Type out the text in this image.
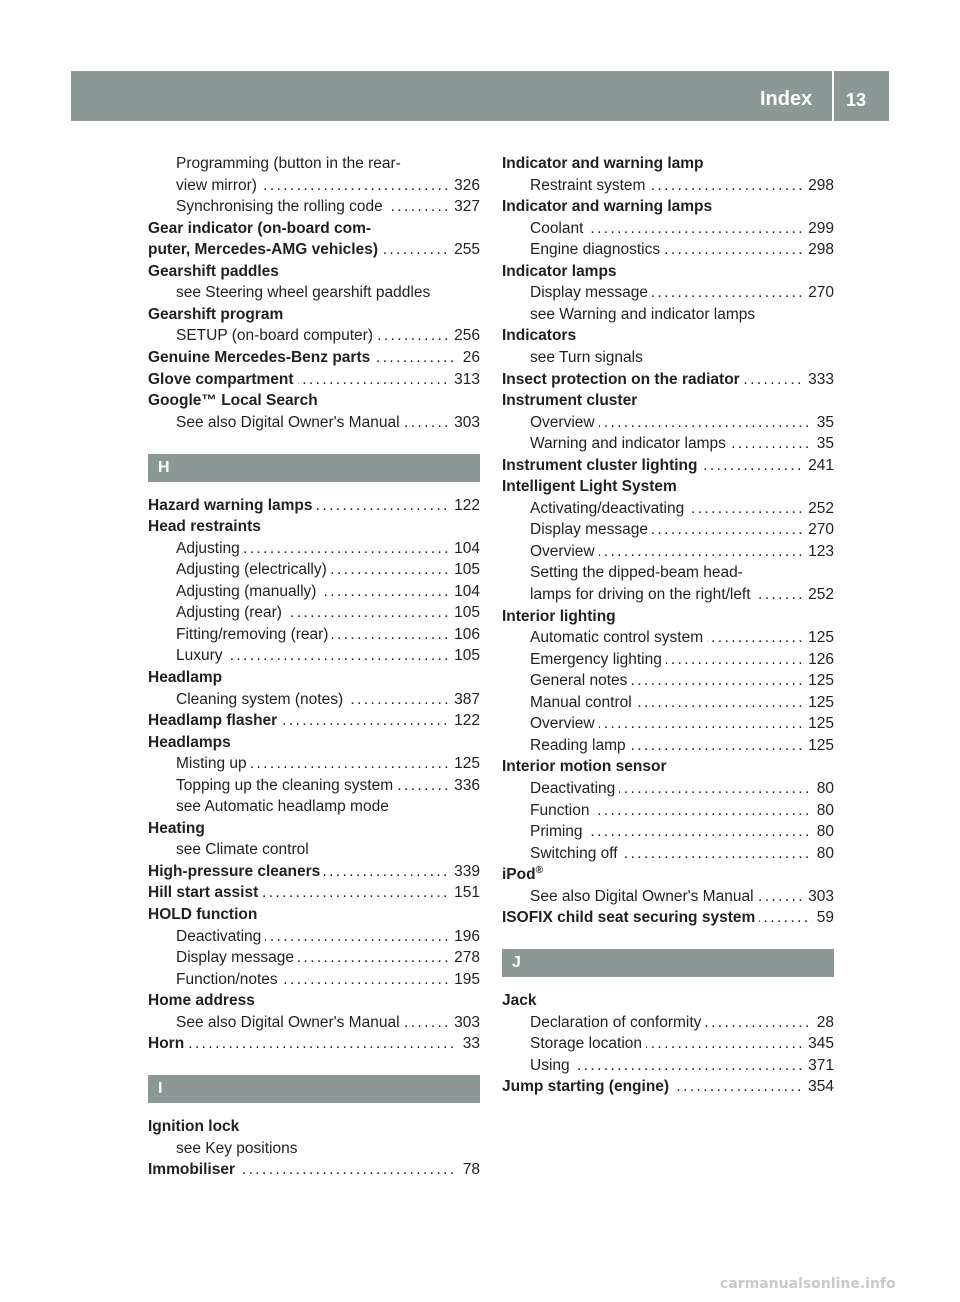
Index	13
Programming (button in the rear-
.....
view mirror)	326
.....
Synchronising the rolling code	327
Gear indicator (on-board com-
.....
puter, Mercedes-AMG vehicles)	255
Gearshift paddles
see Steering wheel gearshift paddles
Gearshift program
.....
SETUP (on-board computer)	256
.....
Genuine Mercedes-Benz parts	26
.....
Glove compartment	313
Google™ Local Search
.....
See also Digital Owner's Manual	303
H
.....
Hazard warning lamps	122
Head restraints
.....
Adjusting	104
.....
Adjusting (electrically)	105
.....
Adjusting (manually)	104
.....
Adjusting (rear)	105
.....
Fitting/removing (rear)	106
.....
Luxury	105
Headlamp
.....
Cleaning system (notes)	387
.....
Headlamp flasher	122
Headlamps
.....
Misting up	125
.....
Topping up the cleaning system	336
see Automatic headlamp mode
Heating
see Climate control
.....
High-pressure cleaners	339
.....
Hill start assist	151
HOLD function
.....
Deactivating	196
.....
Display message	278
.....
Function/notes	195
Home address
.....
See also Digital Owner's Manual	303
.....
Horn	33
I
Ignition lock
see Key positions
.....
Immobiliser	78
Indicator and warning lamp
.....
Restraint system	298
Indicator and warning lamps
.....
Coolant	299
.....
Engine diagnostics	298
Indicator lamps
.....
Display message	270
see Warning and indicator lamps
Indicators
see Turn signals
.....
Insect protection on the radiator	333
Instrument cluster
.....
Overview	35
.....
Warning and indicator lamps	35
.....
Instrument cluster lighting	241
Intelligent Light System
.....
Activating/deactivating	252
.....
Display message	270
.....
Overview	123
Setting the dipped-beam head-
.....
lamps for driving on the right/left	252
Interior lighting
.....
Automatic control system	125
.....
Emergency lighting	126
.....
General notes	125
.....
Manual control	125
.....
Overview	125
.....
Reading lamp	125
Interior motion sensor
.....
Deactivating	80
.....
Function	80
.....
Priming	80
.....
Switching off	80
iPod®
.....
See also Digital Owner's Manual	303
.....
ISOFIX child seat securing system	59
J
Jack
.....
Declaration of conformity	28
.....
Storage location	345
.....
Using	371
.....
Jump starting (engine)	354
carmanualsonline.info
